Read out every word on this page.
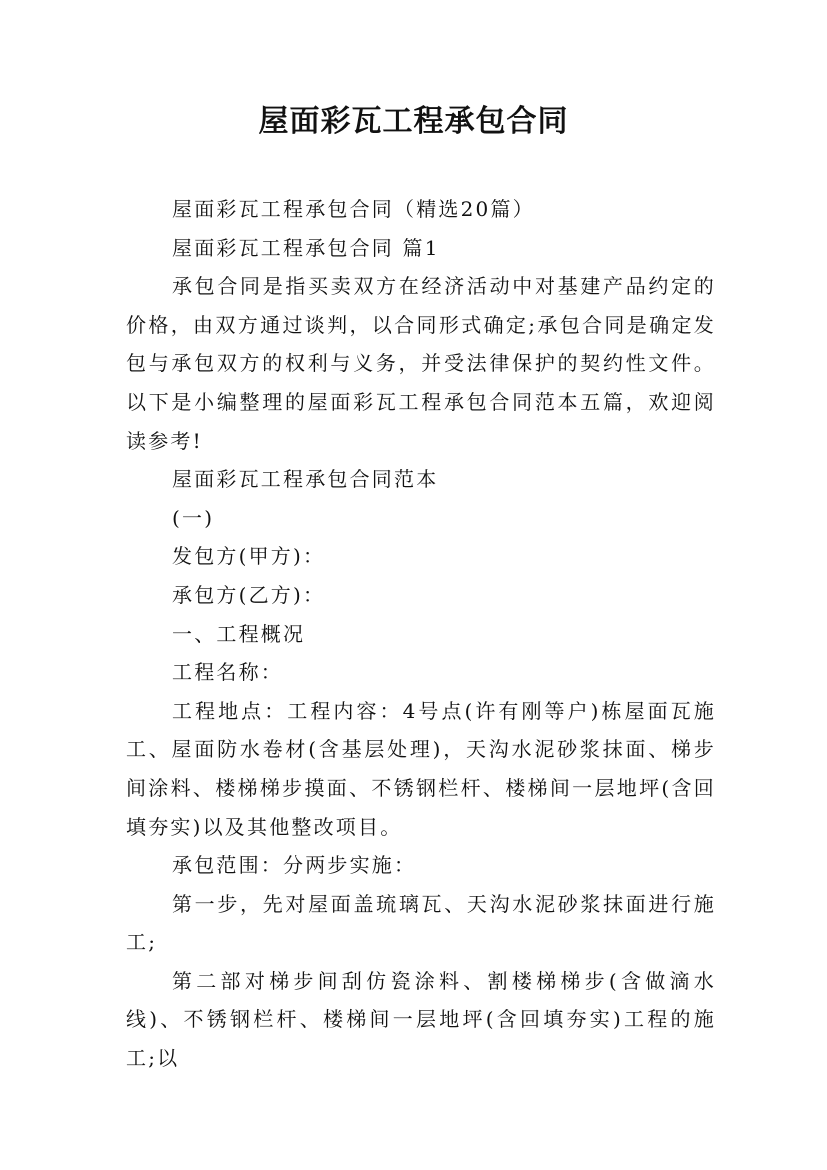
屋面彩瓦工程承包合同

屋面彩瓦工程承包合同（精选20篇）

屋面彩瓦工程承包合同 篇1

承包合同是指买卖双方在经济活动中对基建产品约定的价格，由双方通过谈判，以合同形式确定;承包合同是确定发包与承包双方的权利与义务，并受法律保护的契约性文件。以下是小编整理的屋面彩瓦工程承包合同范本五篇，欢迎阅读参考!

屋面彩瓦工程承包合同范本

(一)

发包方(甲方)：

承包方(乙方)：

一、工程概况

工程名称：

工程地点：工程内容：4号点(许有刚等户)栋屋面瓦施工、屋面防水卷材(含基层处理)，天沟水泥砂浆抹面、梯步间涂料、楼梯梯步摸面、不锈钢栏杆、楼梯间一层地坪(含回填夯实)以及其他整改项目。

承包范围：分两步实施：

第一步，先对屋面盖琉璃瓦、天沟水泥砂浆抹面进行施工;

第二部对梯步间刮仿瓷涂料、割楼梯梯步(含做滴水线)、不锈钢栏杆、楼梯间一层地坪(含回填夯实)工程的施工;以
